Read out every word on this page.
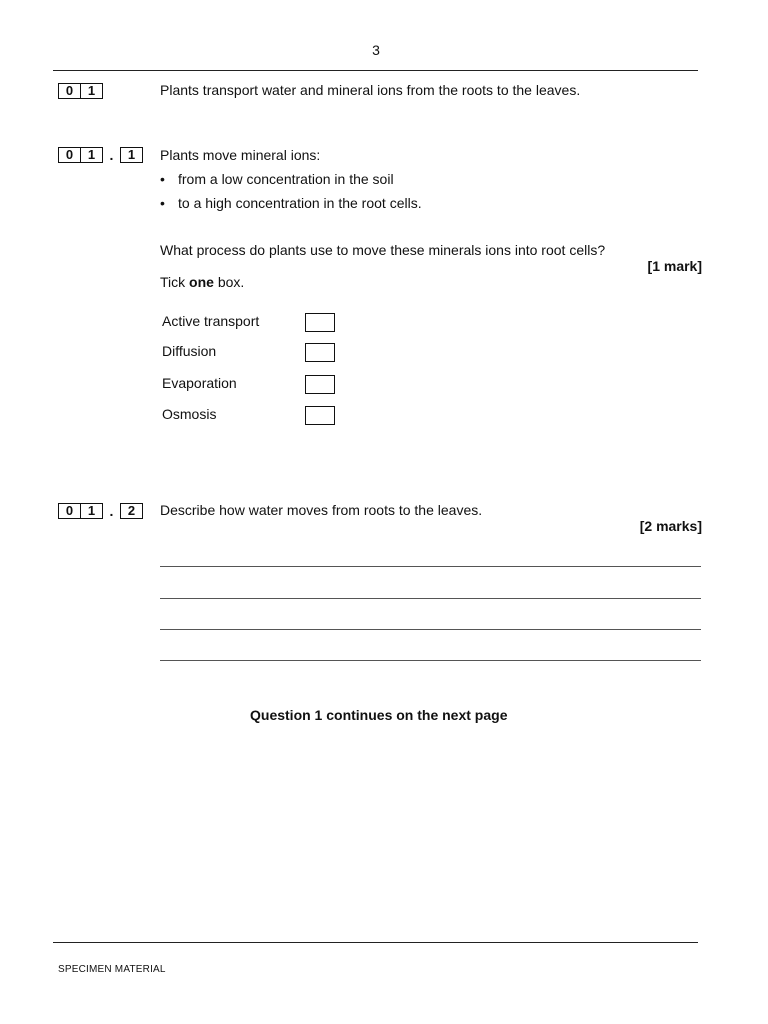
3
0	1	Plants transport water and mineral ions from the roots to the leaves.
0	1	.	1	Plants move mineral ions:
• from a low concentration in the soil
• to a high concentration in the root cells.
What process do plants use to move these minerals ions into root cells?
[1 mark]
Tick one box.
Active transport
Diffusion
Evaporation
Osmosis
0	1	.	2	Describe how water moves from roots to the leaves.
[2 marks]
Question 1 continues on the next page
SPECIMEN MATERIAL
